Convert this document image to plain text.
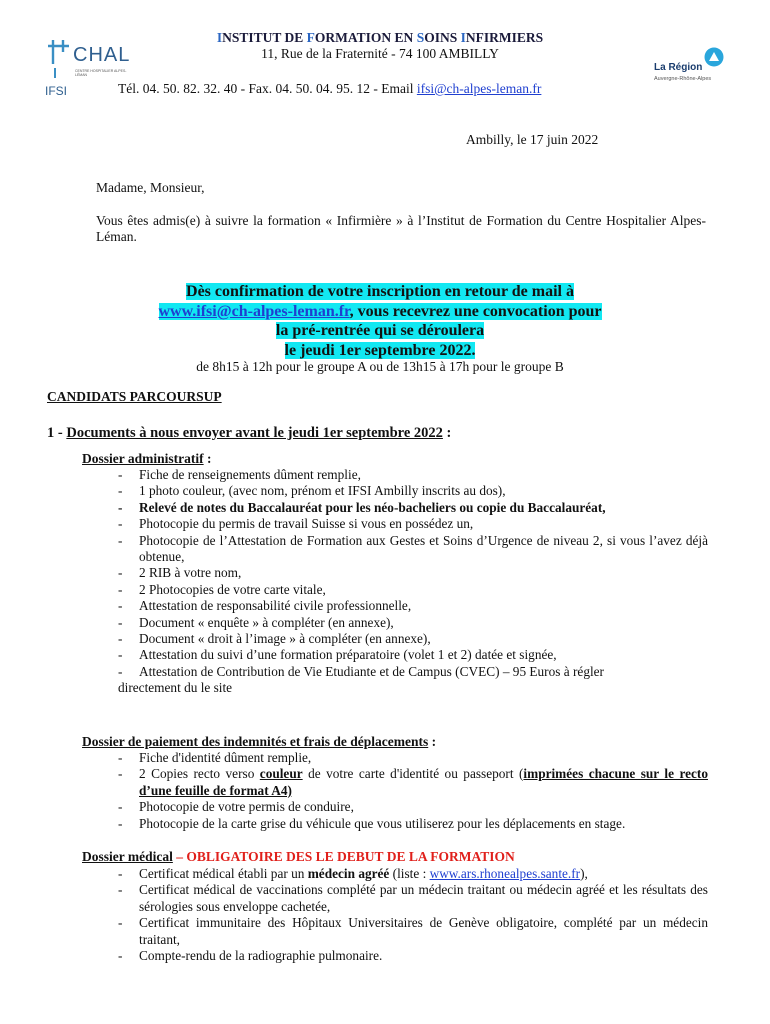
CHAL
CENTRE HOSPITALIER ALPES-LÉMAN
IFSI
INSTITUT DE FORMATION EN SOINS INFIRMIERS
11, Rue de la Fraternité - 74 100 AMBILLY
Tél. 04. 50. 82. 32. 40 - Fax. 04. 50. 04. 95. 12 - Email ifsi@ch-alpes-leman.fr
La Région
Auvergne-Rhône-Alpes
Ambilly, le 17 juin 2022
Madame, Monsieur,
Vous êtes admis(e) à suivre la formation « Infirmière » à l’Institut de Formation du Centre Hospitalier Alpes-Léman.
Dès confirmation de votre inscription en retour de mail à
www.ifsi@ch-alpes-leman.fr, vous recevrez une convocation pour
la pré-rentrée qui se déroulera
le jeudi 1er septembre 2022.
de 8h15 à 12h pour le groupe A ou de 13h15 à 17h pour le groupe B
CANDIDATS PARCOURSUP
1 - Documents à nous envoyer avant le jeudi 1er septembre 2022 :
Dossier administratif :
- Fiche de renseignements dûment remplie,
- 1 photo couleur, (avec nom, prénom et IFSI Ambilly inscrits au dos),
- Relevé de notes du Baccalauréat pour les néo-bacheliers ou copie du Baccalauréat,
- Photocopie du permis de travail Suisse si vous en possédez un,
- Photocopie de l’Attestation de Formation aux Gestes et Soins d’Urgence de niveau 2, si vous l’avez déjà obtenue,
- 2 RIB à votre nom,
- 2 Photocopies de votre carte vitale,
- Attestation de responsabilité civile professionnelle,
- Document « enquête » à compléter (en annexe),
- Document « droit à l’image » à compléter (en annexe),
- Attestation du suivi d’une formation préparatoire (volet 1 et 2) datée et signée,
- Attestation de Contribution de Vie Etudiante et de Campus (CVEC) – 95 Euros à régler
directement du le site
Dossier de paiement des indemnités et frais de déplacements :
- Fiche d'identité dûment remplie,
- 2 Copies recto verso couleur de votre carte d'identité ou passeport (imprimées chacune sur le recto d’une feuille de format A4)
- Photocopie de votre permis de conduire,
- Photocopie de la carte grise du véhicule que vous utiliserez pour les déplacements en stage.
Dossier médical – OBLIGATOIRE DES LE DEBUT DE LA FORMATION
- Certificat médical établi par un médecin agréé (liste : www.ars.rhonealpes.sante.fr),
- Certificat médical de vaccinations complété par un médecin traitant ou médecin agréé et les résultats des sérologies sous enveloppe cachetée,
- Certificat immunitaire des Hôpitaux Universitaires de Genève obligatoire, complété par un médecin traitant,
- Compte-rendu de la radiographie pulmonaire.
